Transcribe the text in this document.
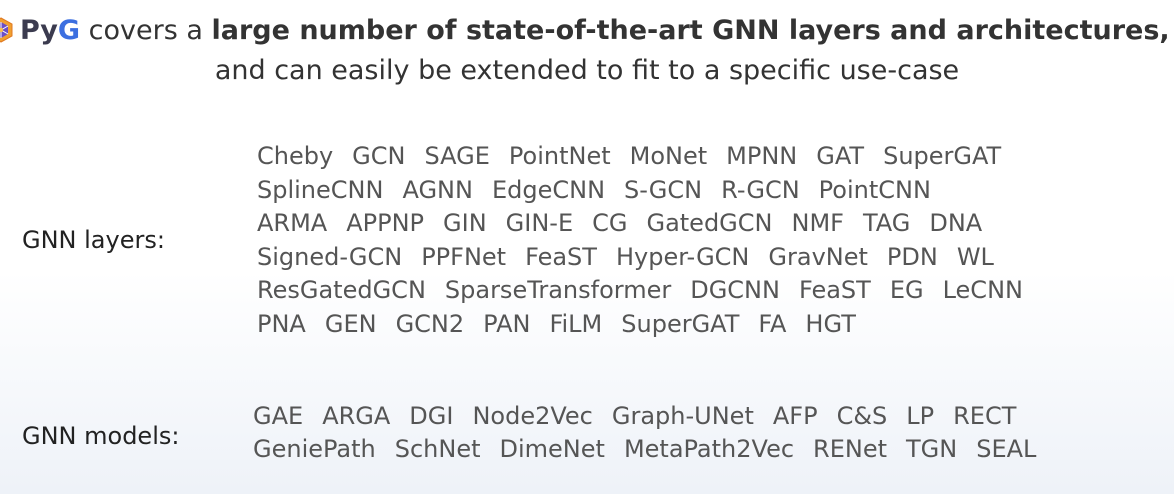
PyG covers a large number of state-of-the-art GNN layers and architectures,
and can easily be extended to fit to a specific use-case
GNN layers:
Cheby GCN SAGE PointNet MoNet MPNN GAT SuperGAT
SplineCNN AGNN EdgeCNN S-GCN R-GCN PointCNN
ARMA APPNP GIN GIN-E CG GatedGCN NMF TAG DNA
Signed-GCN PPFNet FeaST Hyper-GCN GravNet PDN WL
ResGatedGCN SparseTransformer DGCNN FeaST EG LeCNN
PNA GEN GCN2 PAN FiLM SuperGAT FA HGT
GNN models:
GAE ARGA DGI Node2Vec Graph-UNet AFP C&S LP RECT
GeniePath SchNet DimeNet MetaPath2Vec RENet TGN SEAL
